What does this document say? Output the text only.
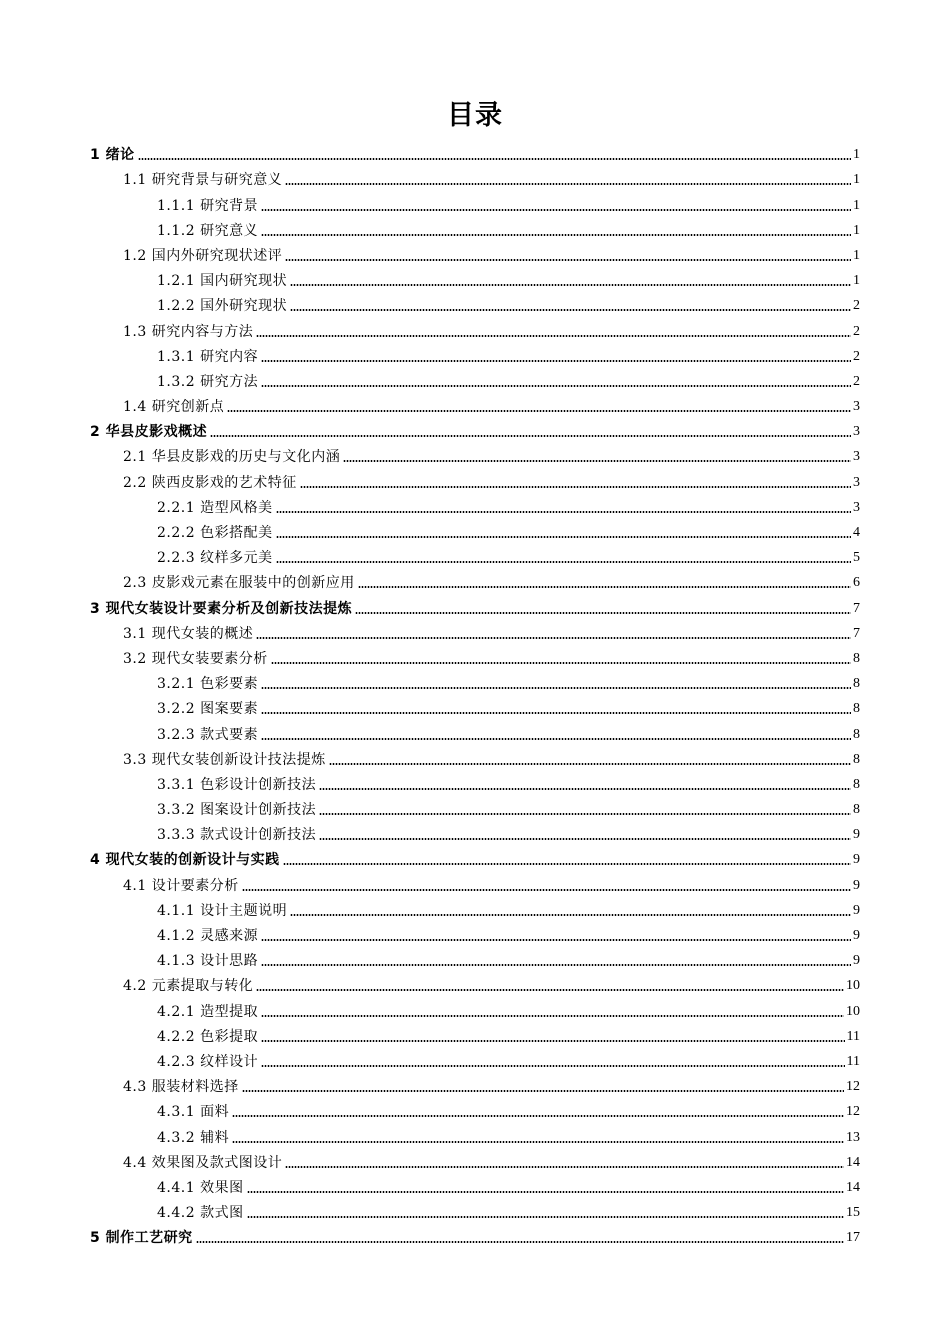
目录
1 绪论	1
1.1 研究背景与研究意义	1
1.1.1 研究背景	1
1.1.2 研究意义	1
1.2 国内外研究现状述评	1
1.2.1 国内研究现状	1
1.2.2 国外研究现状	2
1.3 研究内容与方法	2
1.3.1 研究内容	2
1.3.2 研究方法	2
1.4 研究创新点	3
2 华县皮影戏概述	3
2.1 华县皮影戏的历史与文化内涵	3
2.2 陕西皮影戏的艺术特征	3
2.2.1 造型风格美	3
2.2.2 色彩搭配美	4
2.2.3 纹样多元美	5
2.3 皮影戏元素在服装中的创新应用	6
3 现代女装设计要素分析及创新技法提炼	7
3.1 现代女装的概述	7
3.2 现代女装要素分析	8
3.2.1 色彩要素	8
3.2.2 图案要素	8
3.2.3 款式要素	8
3.3 现代女装创新设计技法提炼	8
3.3.1 色彩设计创新技法	8
3.3.2 图案设计创新技法	8
3.3.3 款式设计创新技法	9
4 现代女装的创新设计与实践	9
4.1 设计要素分析	9
4.1.1 设计主题说明	9
4.1.2 灵感来源	9
4.1.3 设计思路	9
4.2 元素提取与转化	10
4.2.1 造型提取	10
4.2.2 色彩提取	11
4.2.3 纹样设计	11
4.3 服装材料选择	12
4.3.1 面料	12
4.3.2 辅料	13
4.4 效果图及款式图设计	14
4.4.1 效果图	14
4.4.2 款式图	15
5 制作工艺研究	17
